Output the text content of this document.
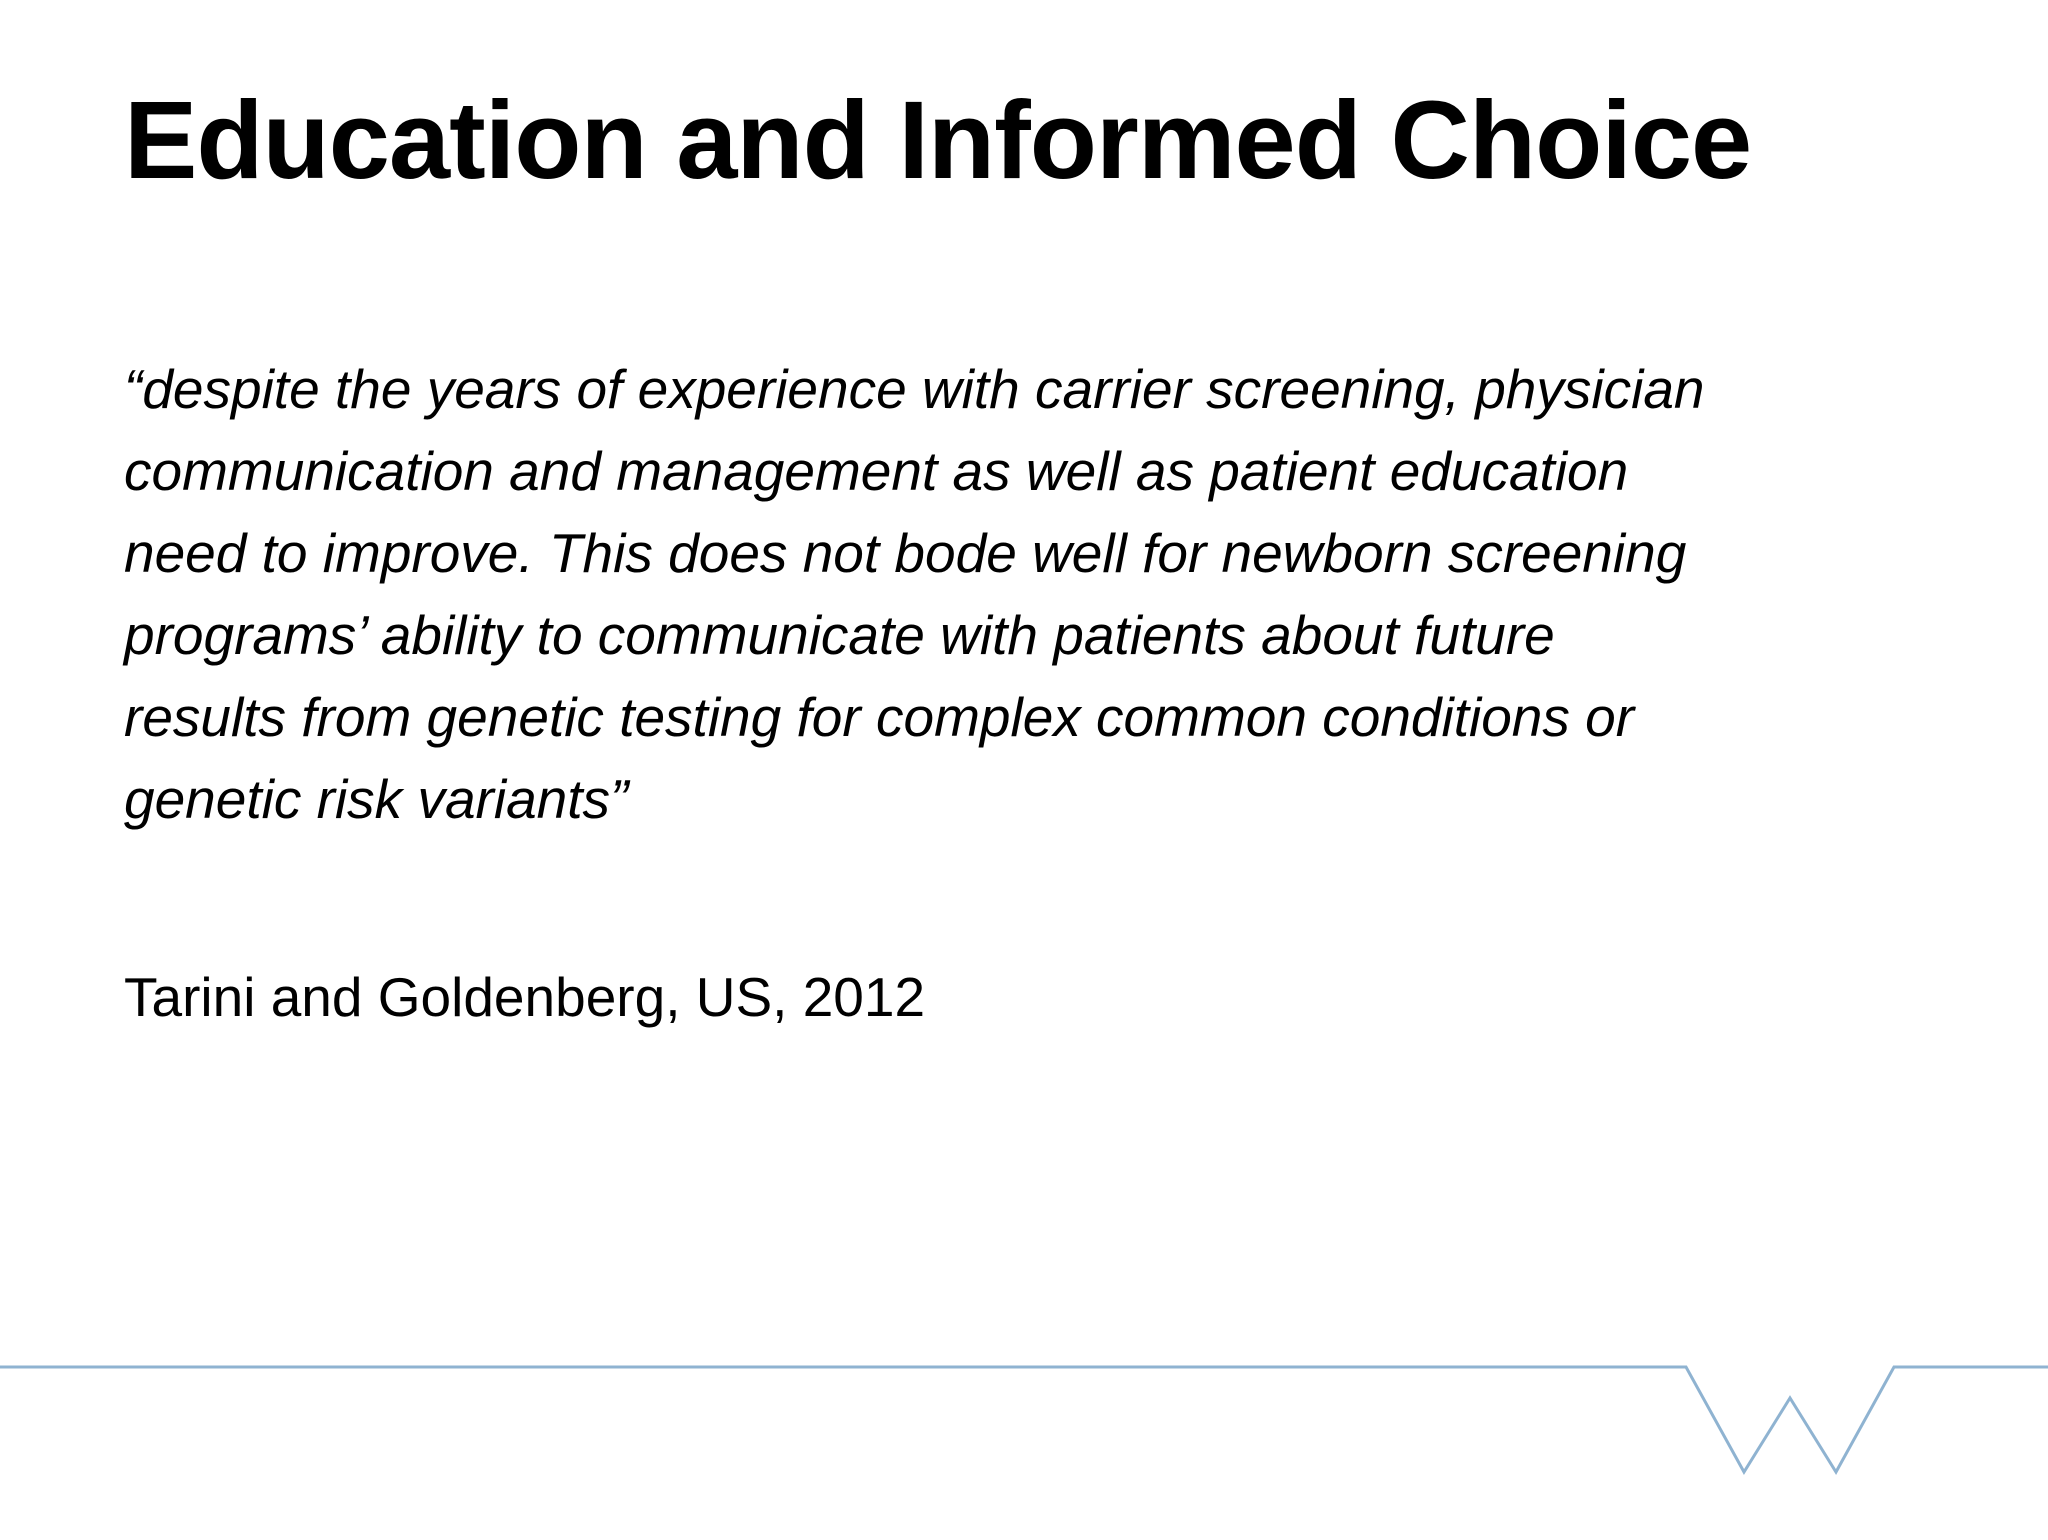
Education and Informed Choice

“despite the years of experience with carrier screening, physician
communication and management as well as patient education
need to improve. This does not bode well for newborn screening
programs’ ability to communicate with patients about future
results from genetic testing for complex common conditions or
genetic risk variants”

Tarini and Goldenberg, US, 2012
